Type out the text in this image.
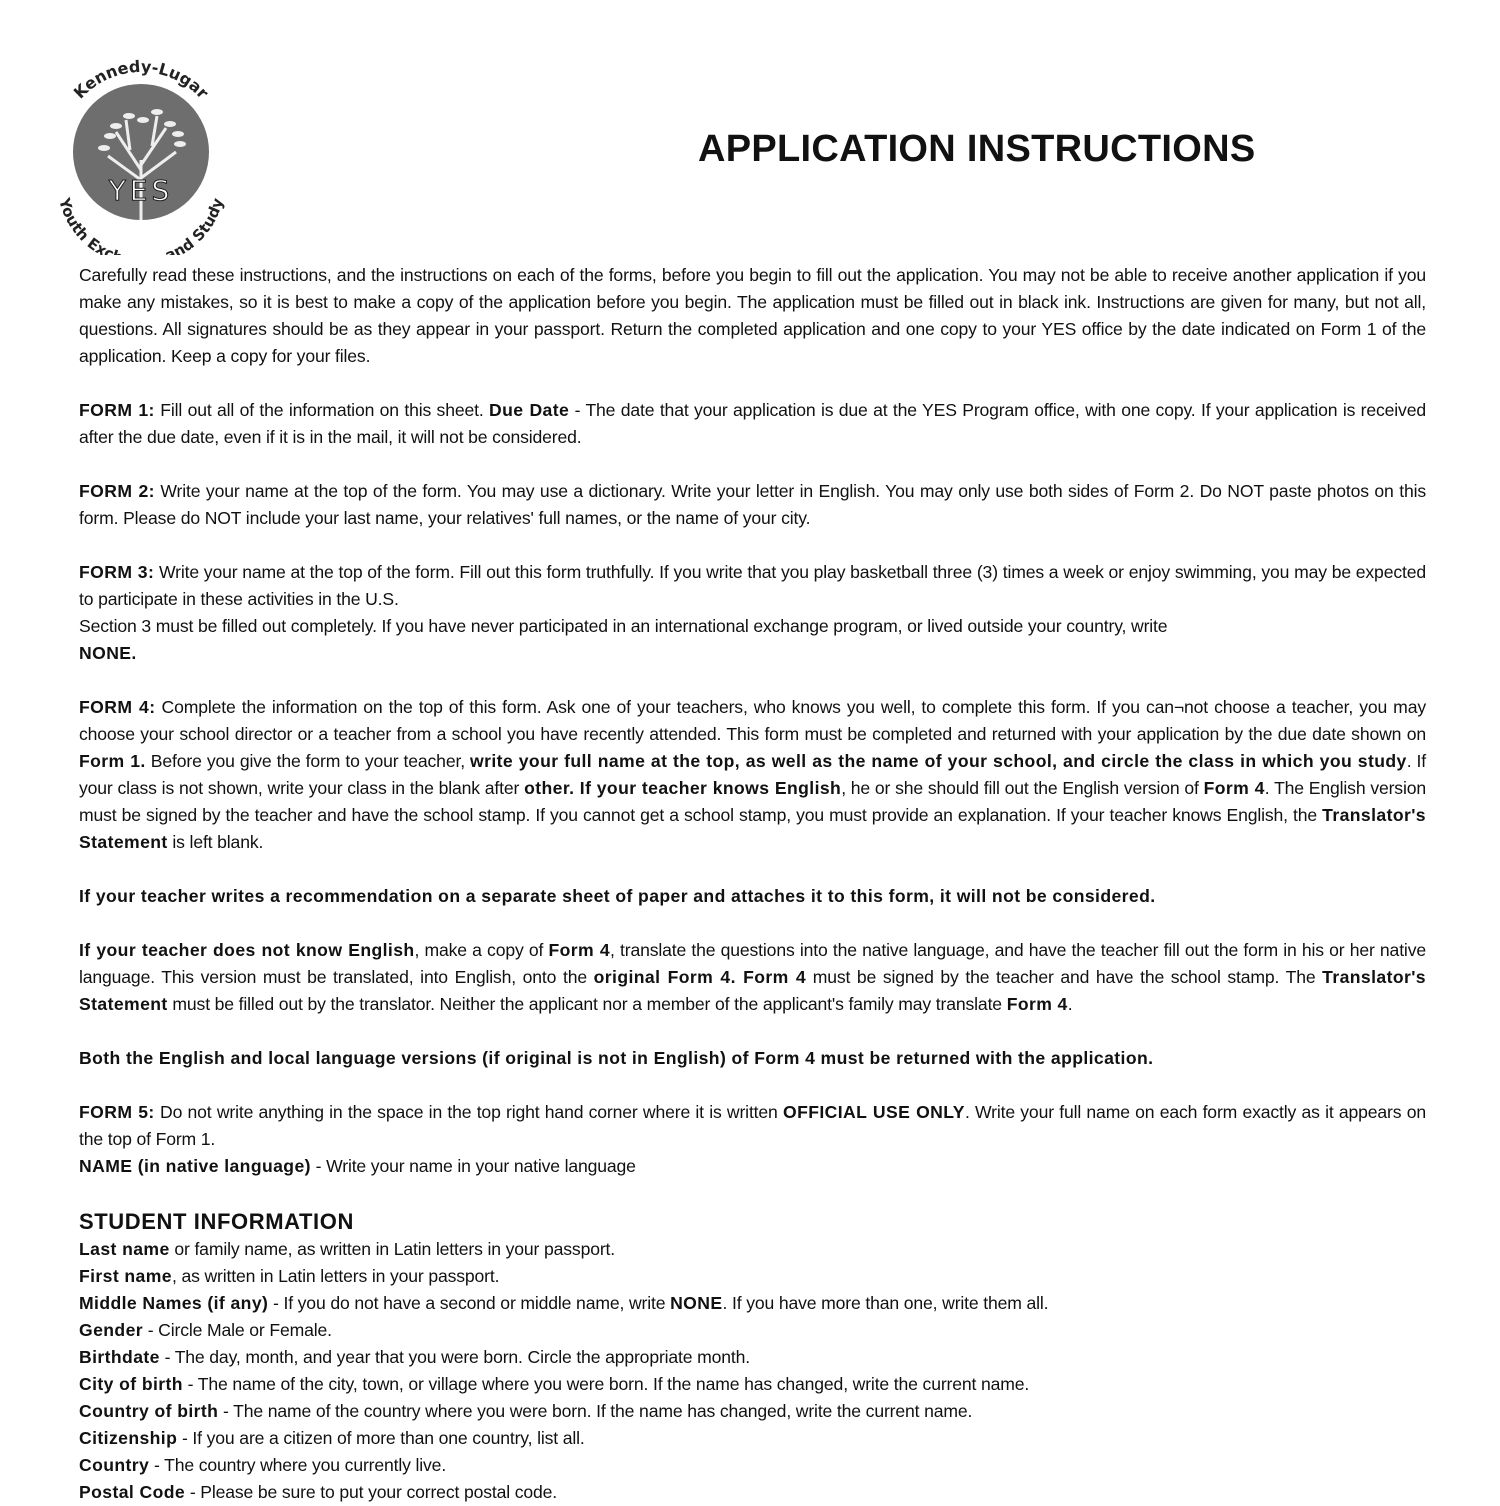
YES
Kennedy-Lugar
Youth Exc and Study
APPLICATION INSTRUCTIONS

Carefully read these instructions, and the instructions on each of the forms, before you begin to fill out the application. You may not be able to receive another application if you make any mistakes, so it is best to make a copy of the application before you begin. The application must be filled out in black ink. Instructions are given for many, but not all, questions. All signatures should be as they appear in your passport. Return the completed application and one copy to your YES office by the date indicated on Form 1 of the application. Keep a copy for your files.

FORM 1: Fill out all of the information on this sheet. Due Date - The date that your application is due at the YES Program office, with one copy. If your application is received after the due date, even if it is in the mail, it will not be considered.

FORM 2: Write your name at the top of the form. You may use a dictionary. Write your letter in English. You may only use both sides of Form 2. Do NOT paste photos on this form. Please do NOT include your last name, your relatives' full names, or the name of your city.

FORM 3: Write your name at the top of the form. Fill out this form truthfully. If you write that you play basketball three (3) times a week or enjoy swimming, you may be expected to participate in these activities in the U.S.
Section 3 must be filled out completely. If you have never participated in an international exchange program, or lived outside your country, write
NONE.

FORM 4: Complete the information on the top of this form. Ask one of your teachers, who knows you well, to complete this form. If you can¬not choose a teacher, you may choose your school director or a teacher from a school you have recently attended. This form must be completed and returned with your application by the due date shown on Form 1. Before you give the form to your teacher, write your full name at the top, as well as the name of your school, and circle the class in which you study. If your class is not shown, write your class in the blank after other. If your teacher knows English, he or she should fill out the English version of Form 4. The English version must be signed by the teacher and have the school stamp. If you cannot get a school stamp, you must provide an explanation. If your teacher knows English, the Translator's Statement is left blank.

If your teacher writes a recommendation on a separate sheet of paper and attaches it to this form, it will not be considered.

If your teacher does not know English, make a copy of Form 4, translate the questions into the native language, and have the teacher fill out the form in his or her native language. This version must be translated, into English, onto the original Form 4. Form 4 must be signed by the teacher and have the school stamp. The Translator's Statement must be filled out by the translator. Neither the applicant nor a member of the applicant's family may translate Form 4.

Both the English and local language versions (if original is not in English) of Form 4 must be returned with the application.

FORM 5: Do not write anything in the space in the top right hand corner where it is written OFFICIAL USE ONLY. Write your full name on each form exactly as it appears on the top of Form 1.
NAME (in native language) - Write your name in your native language

STUDENT INFORMATION

Last name or family name, as written in Latin letters in your passport.

First name, as written in Latin letters in your passport.

Middle Names (if any) - If you do not have a second or middle name, write NONE. If you have more than one, write them all.

Gender - Circle Male or Female.

Birthdate - The day, month, and year that you were born. Circle the appropriate month.

City of birth - The name of the city, town, or village where you were born. If the name has changed, write the current name.

Country of birth - The name of the country where you were born. If the name has changed, write the current name.

Citizenship - If you are a citizen of more than one country, list all.

Country - The country where you currently live.

Postal Code - Please be sure to put your correct postal code.
